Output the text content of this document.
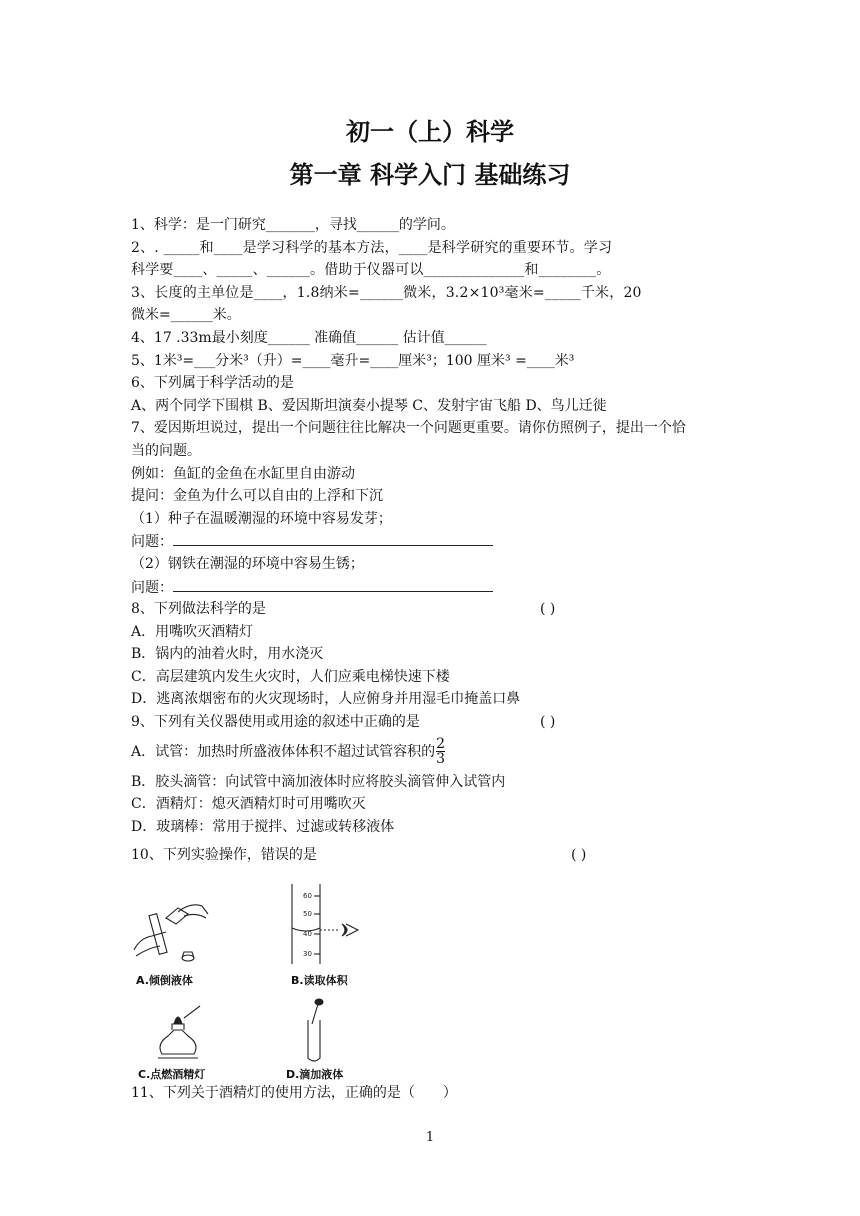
初一（上）科学
第一章 科学入门 基础练习
1、科学：是一门研究_______，寻找______的学问。
2、. _____和____是学习科学的基本方法，____是科学研究的重要环节。学习
科学要____、_____、______。借助于仪器可以______________和________。
3、长度的主单位是____，1.8纳米=______微米，3.2×10³毫米=_____千米，20
微米=______米。
4、17 .33m最小刻度______ 准确值______ 估计值______
5、1米³=___分米³（升）=____毫升=____厘米³；100 厘米³ =____米³
6、下列属于科学活动的是
A、两个同学下围棋 B、爱因斯坦演奏小提琴 C、发射宇宙飞船 D、鸟儿迁徙
7、爱因斯坦说过，提出一个问题往往比解决一个问题更重要。请你仿照例子，提出一个恰
当的问题。
例如：鱼缸的金鱼在水缸里自由游动
提问：金鱼为什么可以自由的上浮和下沉
（1）种子在温暖潮湿的环境中容易发芽；
问题：
（2）钢铁在潮湿的环境中容易生锈；
问题：
8、下列做法科学的是	( )
A．用嘴吹灭酒精灯
B．锅内的油着火时，用水浇灭
C．高层建筑内发生火灾时，人们应乘电梯快速下楼
D．逃离浓烟密布的火灾现场时，人应俯身并用湿毛巾掩盖口鼻
9、下列有关仪器使用或用途的叙述中正确的是	( )
A．试管：加热时所盛液体体积不超过试管容积的 $\frac{2}{3}$
B．胶头滴管：向试管中滴加液体时应将胶头滴管伸入试管内
C．酒精灯：熄灭酒精灯时可用嘴吹灭
D．玻璃棒：常用于搅拌、过滤或转移液体
10、下列实验操作，错误的是	( )
A.倾倒液体
60
50
40
30
B.读取体积
C.点燃酒精灯	D.滴加液体
11、下列关于酒精灯的使用方法，正确的是（　　）
1
